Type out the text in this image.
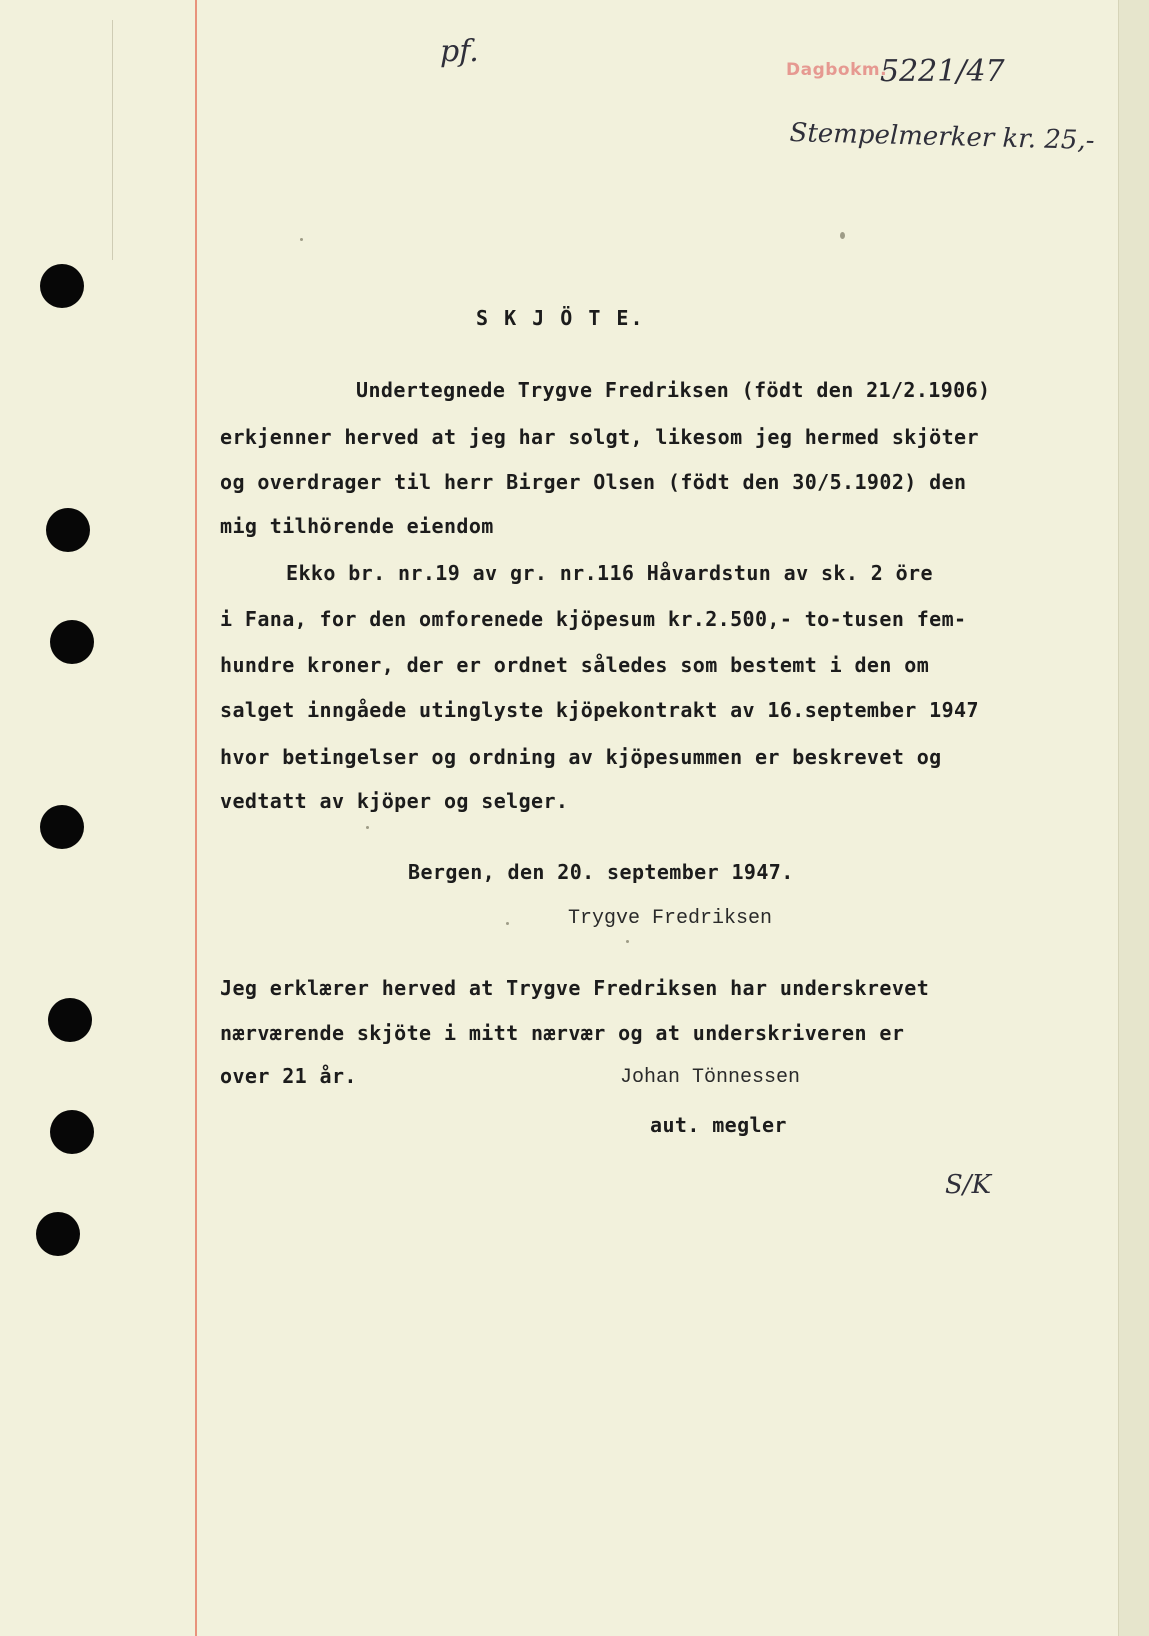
pf.
Dagbokm.
5221/47
Stempelmerker kr. 25,-
S K J Ö T E.
Undertegnede Trygve Fredriksen (födt den 21/2.1906)
erkjenner herved at jeg har solgt, likesom jeg hermed skjöter
og overdrager til herr Birger Olsen (födt den 30/5.1902) den
mig tilhörende eiendom
Ekko br. nr.19 av gr. nr.116 Håvardstun av sk. 2 öre
i Fana, for den omforenede kjöpesum kr.2.500,- to-tusen fem-
hundre kroner, der er ordnet således som bestemt i den om
salget inngåede utinglyste kjöpekontrakt av 16.september 1947
hvor betingelser og ordning av kjöpesummen er beskrevet og
vedtatt av kjöper og selger.
Bergen, den 20. september 1947.
Trygve Fredriksen
Jeg erklærer herved at Trygve Fredriksen har underskrevet
nærværende skjöte i mitt nærvær og at underskriveren er
over 21 år.	Johan Tönnessen
aut. megler
S/K
